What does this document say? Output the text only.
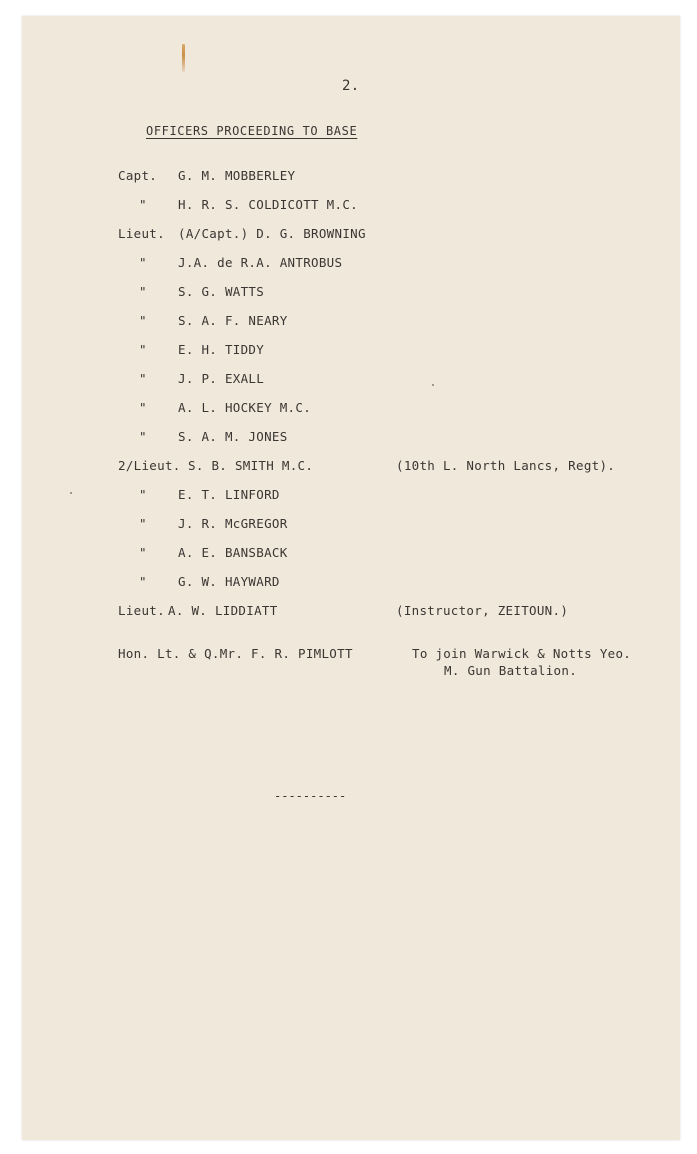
2.
OFFICERS PROCEEDING TO BASE
Capt. G. M. MOBBERLEY
" H. R. S. COLDICOTT M.C.
Lieut. (A/Capt.) D. G. BROWNING
" J.A. de R.A. ANTROBUS
" S. G. WATTS
" S. A. F. NEARY
" E. H. TIDDY
" J. P. EXALL
" A. L. HOCKEY M.C.
" S. A. M. JONES
2/Lieut. S. B. SMITH M.C.	(10th L. North Lancs, Regt).
" E. T. LINFORD
" J. R. McGREGOR
" A. E. BANSBACK
" G. W. HAYWARD
Lieut. A. W. LIDDIATT	(Instructor, ZEITOUN.)
Hon. Lt. & Q.Mr. F. R. PIMLOTT	To join Warwick & Notts Yeo.
M. Gun Battalion.
----------
